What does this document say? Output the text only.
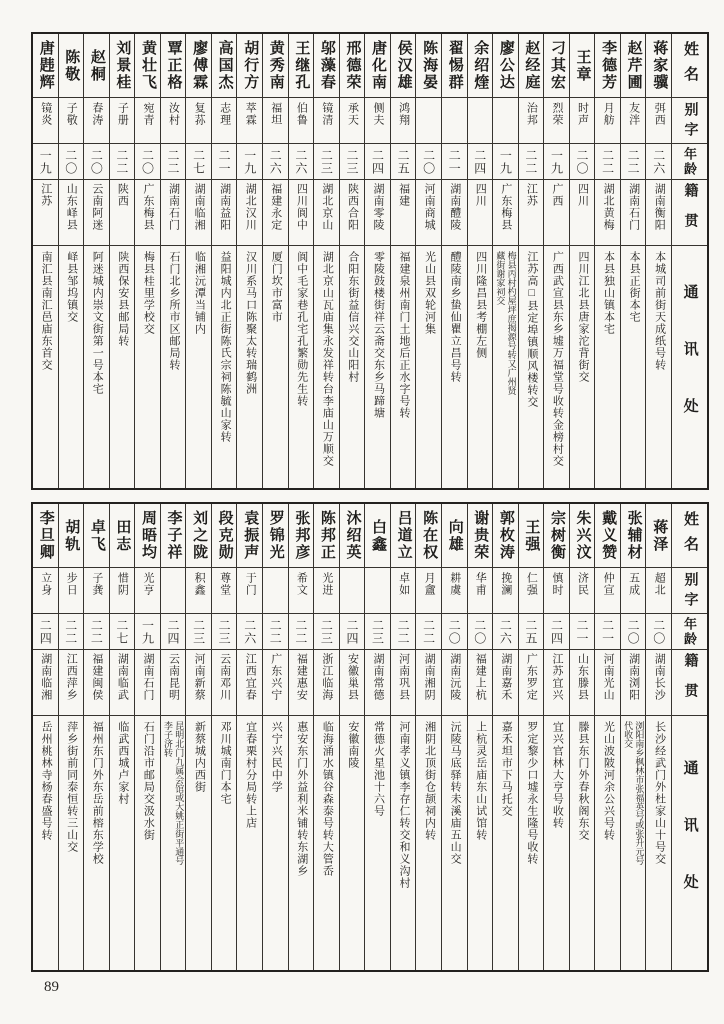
姓名
别字
年龄
籍贯
通讯处
蒋家骥
弭西
二六
湖南衡阳
本城司前街天成纸号转
赵芹圃
友泮
二二
湖南石门
本县正街本宅
李德芳
月舫
二二
湖北黄梅
本县独山镇本宅
王章
时声
二〇
四川
四川江北县唐家沱背街交
刁其宏
烈荣
一九
广西
广西武宣县东乡墟万福堂号收转金榜村交
赵经庭
治邦
二二
江苏
江苏高□县定埠镇顺风楼转交
廖公达
一九
广东梅县
梅县丙村杓屋坪庶揭源号转又广州贤藏街谢家祠交
余绍煃
二四
四川
四川隆昌县考棚左侧
翟惕群
二一
湖南醴陵
醴陵南乡蛰仙瞿立昌号转
陈海晏
二〇
河南商城
光山县双轮河集
侯汉雄
鸿翔
二五
福建
福建泉州南门土地后正水字号转
唐化南
侧夫
二四
湖南零陵
零陵鼓楼街祥云斋交东乡马蹄塘
邢德荣
承天
二三
陕西合阳
合阳东街益信兴交山阳村
邬藻春
镜清
二三
湖北京山
湖北京山瓦庙集永发祥转台李庙山万顺交
王继孔
伯鲁
二六
四川阆中
阆中毛家巷孔宅孔繁勋先生转
黄秀南
福坦
二六
福建永定
厦门坎市富市
胡行方
萃霖
一九
湖北汉川
汉川系马口陈聚太转瑞鹤洲
高国杰
志理
二一
湖南益阳
益阳城内北正街陈氏宗祠陈毓山家转
廖傅霖
复荪
二七
湖南临湘
临湘沅潭当铺内
覃正格
汝村
二二
湖南石门
石门北乡所市区邮局转
黄壮飞
宛青
二〇
广东梅县
梅县桂里学校交
刘景桂
子册
二二
陕西
陕西保安县邮局转
赵桐
春涛
二〇
云南阿迷
阿迷城内崇文街第一号本宅
陈敬
子敬
二〇
山东峄县
峄县邹坞镇交
唐韪辉
镜炎
一九
江苏
南汇县南汇邑庙东首交
姓名
别字
年龄
籍贯
通讯处
蒋泽
超北
二〇
湖南长沙
长沙经武门外杜家山十号交
张辅材
五成
二〇
湖南浏阳
浏阳南乡枫林市张福英号或张升元号代收交
戴义赞
仲宣
二一
河南光山
光山波陂河余公兴号转
朱兴汶
济民
二一
山东滕县
滕县东门外春秋阁东交
宗树衡
慎时
二四
江苏宜兴
宜兴官林大亨号收转
王强
仁强
二五
广东罗定
罗定黎少口墟永生隆号收转
郭枚涛
挽澜
二六
湖南嘉禾
嘉禾坦市下马托交
谢贵荣
华甫
二〇
福建上杭
上杭灵岳庙东山试馆转
向雄
耕虞
二〇
湖南沅陵
沅陵马底驿转未溪庙五山交
陈在权
月盦
二二
湖南湘阴
湘阴北顶街仓颉祠内转
吕道立
卓如
二二
河南巩县
河南孝义镇李存仁转交和义沟村
白鑫
二三
湖南常德
常德火星池十六号
沐绍英
二四
安徽巢县
安徽南陵
陈邦正
光进
二三
浙江临海
临海涌水镇谷森泰号转大管岙
张邦彦
希文
二二
福建惠安
惠安东门外益利米铺转东湖乡
罗锦光
二二
广东兴宁
兴宁兴民中学
袁振声
于门
二六
江西宜春
宜春栗村分局转上店
段克勋
尊堂
二三
云南邓川
邓川城南门本宅
刘之陇
积鑫
二三
河南新蔡
新蔡城内西街
李子祥
二四
云南昆明
昆明北门九属会馆或大姚正街平通号李子济转
周晤均
光亨
一九
湖南石门
石门沿市邮局交汲水街
田志
惜阴
二七
湖南临武
临武西城卢家村
卓飞
子龚
二二
福建闽侯
福州东门外东岳前榕东学校
胡轨
步日
二二
江西萍乡
萍乡街前同泰恒转三山交
李旦卿
立身
二四
湖南临湘
岳州桃林寺杨春盛号转
89
